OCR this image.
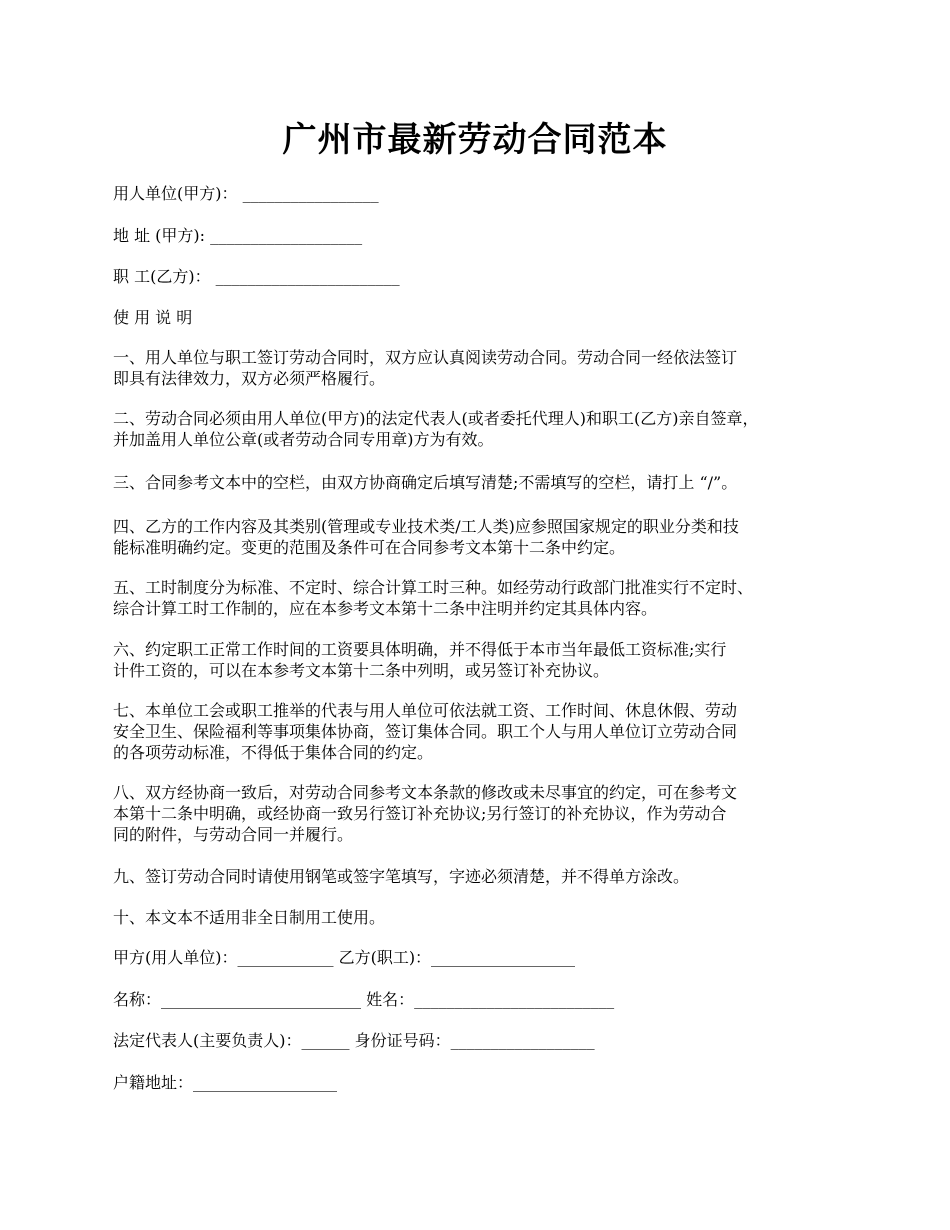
广州市最新劳动合同范本

用人单位(甲方)： _________________

地 址 (甲方): ___________________

职 工(乙方)： _______________________

使 用 说 明

一、用人单位与职工签订劳动合同时，双方应认真阅读劳动合同。劳动合同一经依法签订
即具有法律效力，双方必须严格履行。
二、劳动合同必须由用人单位(甲方)的法定代表人(或者委托代理人)和职工(乙方)亲自签章，
并加盖用人单位公章(或者劳动合同专用章)方为有效。
三、合同参考文本中的空栏，由双方协商确定后填写清楚;不需填写的空栏，请打上 “/”。
四、乙方的工作内容及其类别(管理或专业技术类/工人类)应参照国家规定的职业分类和技
能标准明确约定。变更的范围及条件可在合同参考文本第十二条中约定。
五、工时制度分为标准、不定时、综合计算工时三种。如经劳动行政部门批准实行不定时、
综合计算工时工作制的，应在本参考文本第十二条中注明并约定其具体内容。
六、约定职工正常工作时间的工资要具体明确，并不得低于本市当年最低工资标准;实行
计件工资的，可以在本参考文本第十二条中列明，或另签订补充协议。
七、本单位工会或职工推举的代表与用人单位可依法就工资、工作时间、休息休假、劳动
安全卫生、保险福利等事项集体协商，签订集体合同。职工个人与用人单位订立劳动合同
的各项劳动标准，不得低于集体合同的约定。
八、双方经协商一致后，对劳动合同参考文本条款的修改或未尽事宜的约定，可在参考文
本第十二条中明确，或经协商一致另行签订补充协议;另行签订的补充协议，作为劳动合
同的附件，与劳动合同一并履行。
九、签订劳动合同时请使用钢笔或签字笔填写，字迹必须清楚，并不得单方涂改。
十、本文本不适用非全日制用工使用。

甲方(用人单位)：____________ 乙方(职工)：__________________

名称：_________________________ 姓名：_________________________

法定代表人(主要负责人)：______ 身份证号码：__________________

户籍地址：__________________
